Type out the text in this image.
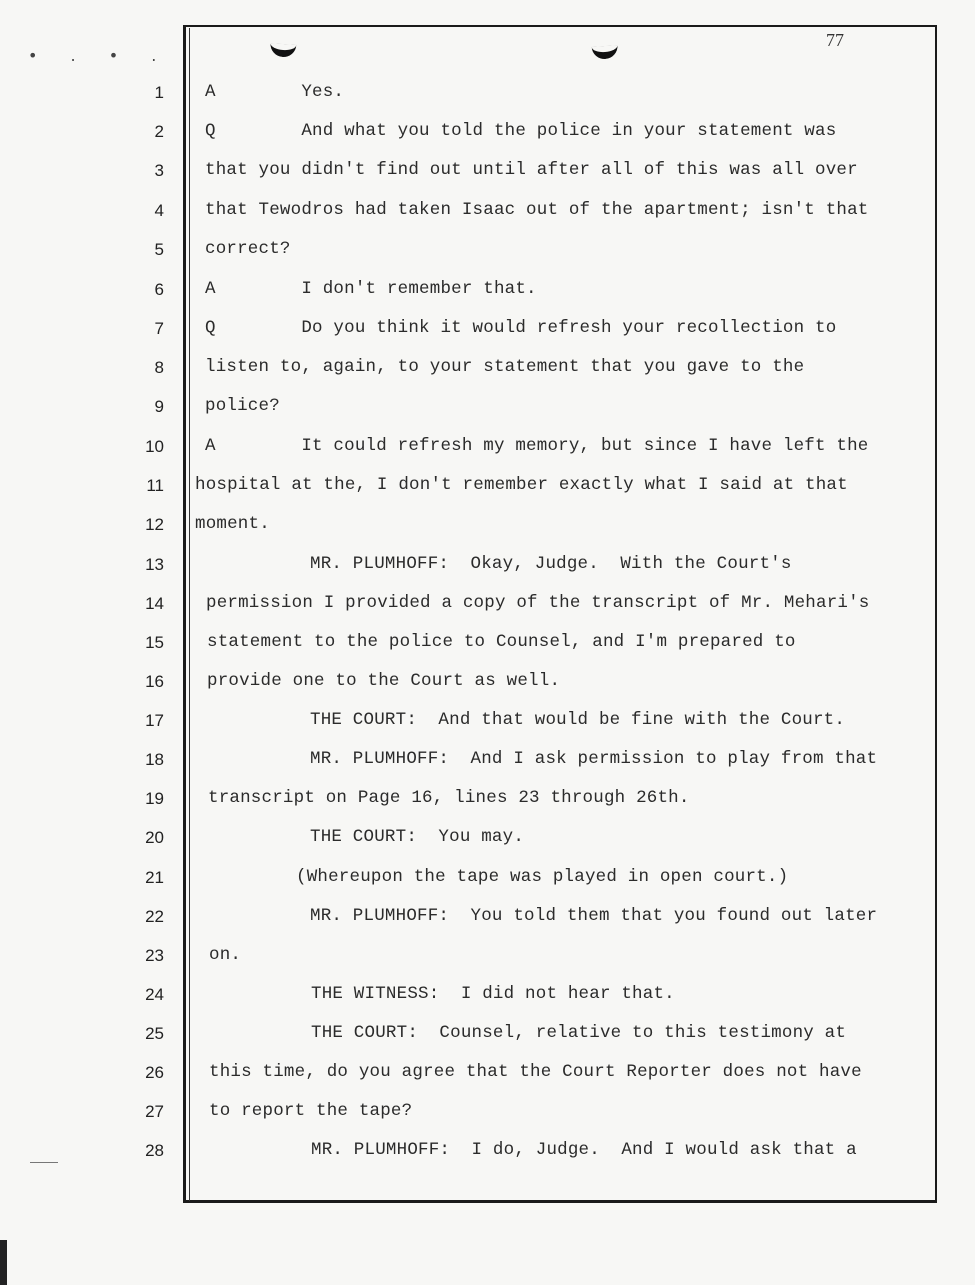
• . • .
77
1 A        Yes.
2 Q        And what you told the police in your statement was
3 that you didn't find out until after all of this was all over
4 that Tewodros had taken Isaac out of the apartment; isn't that
5 correct?
6 A        I don't remember that.
7 Q        Do you think it would refresh your recollection to
8 listen to, again, to your statement that you gave to the
9 police?
10 A        It could refresh my memory, but since I have left the
11 hospital at the, I don't remember exactly what I said at that
12 moment.
13	MR. PLUMHOFF:  Okay, Judge.  With the Court's
14 permission I provided a copy of the transcript of Mr. Mehari's
15 statement to the police to Counsel, and I'm prepared to
16 provide one to the Court as well.
17	THE COURT:  And that would be fine with the Court.
18	MR. PLUMHOFF:  And I ask permission to play from that
19	transcript on Page 16, lines 23 through 26th.
20	THE COURT:  You may.
21	(Whereupon the tape was played in open court.)
22	MR. PLUMHOFF:  You told them that you found out later
23	on.
24	THE WITNESS:  I did not hear that.
25	THE COURT:  Counsel, relative to this testimony at
26	this time, do you agree that the Court Reporter does not have
27	to report the tape?
28	MR. PLUMHOFF:  I do, Judge.  And I would ask that a
